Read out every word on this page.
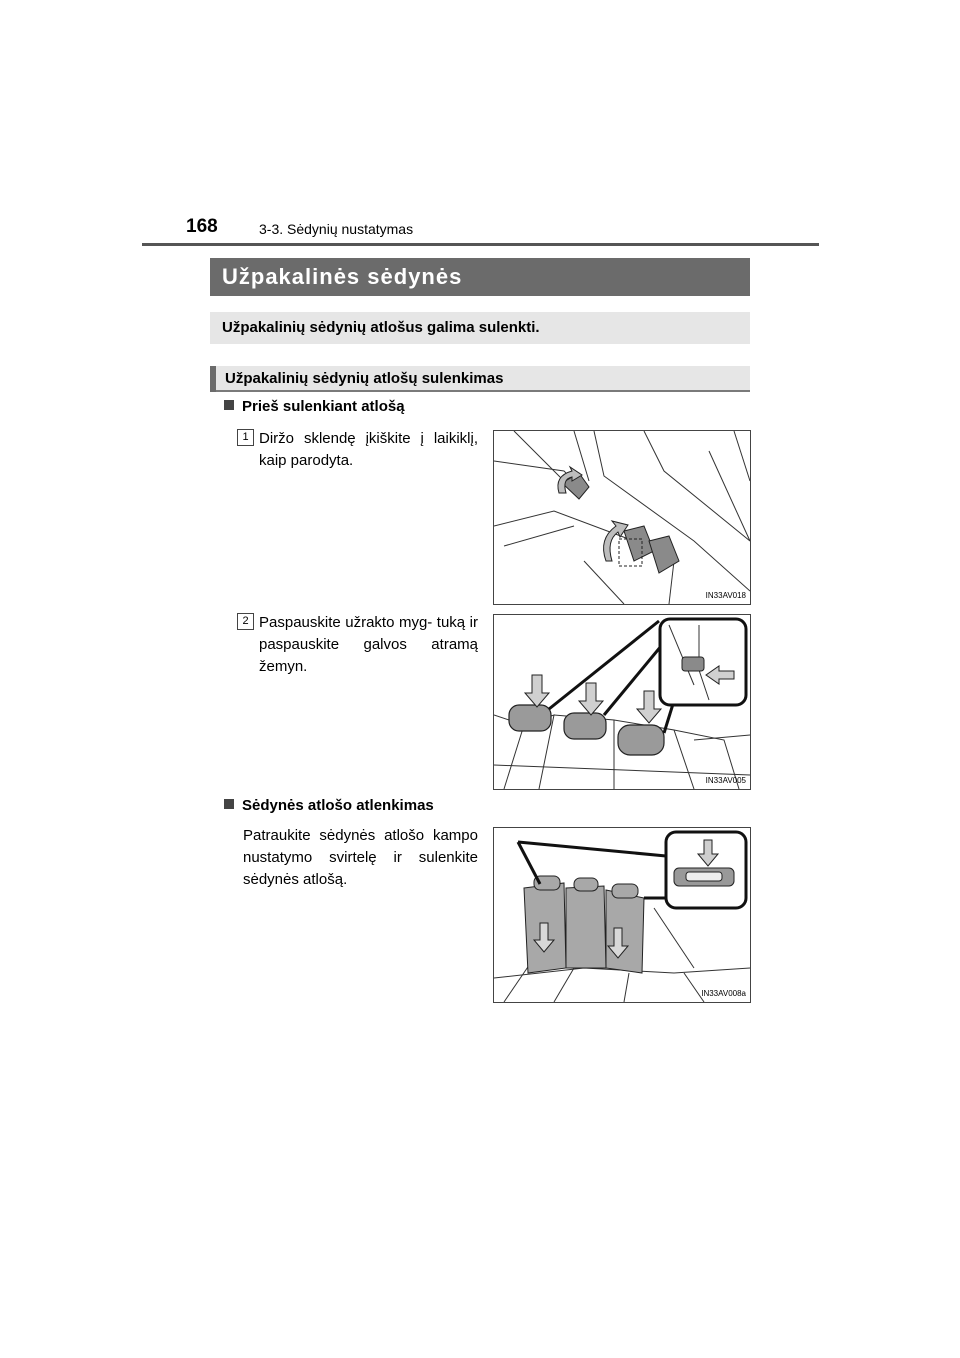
168	3-3. Sėdynių nustatymas
Užpakalinės sėdynės
Užpakalinių sėdynių atlošus galima sulenkti.
Užpakalinių sėdynių atlošų sulenkimas
Prieš sulenkiant atlošą
1 Diržo sklendę įkiškite į laikiklį, kaip parodyta.
IN33AV018
2 Paspauskite užrakto myg- tuką ir paspauskite galvos atramą žemyn.
IN33AV005
Sėdynės atlošo atlenkimas
Patraukite sėdynės atlošo kampo nustatymo svirtelę ir sulenkite sėdynės atlošą.
IN33AV008a
